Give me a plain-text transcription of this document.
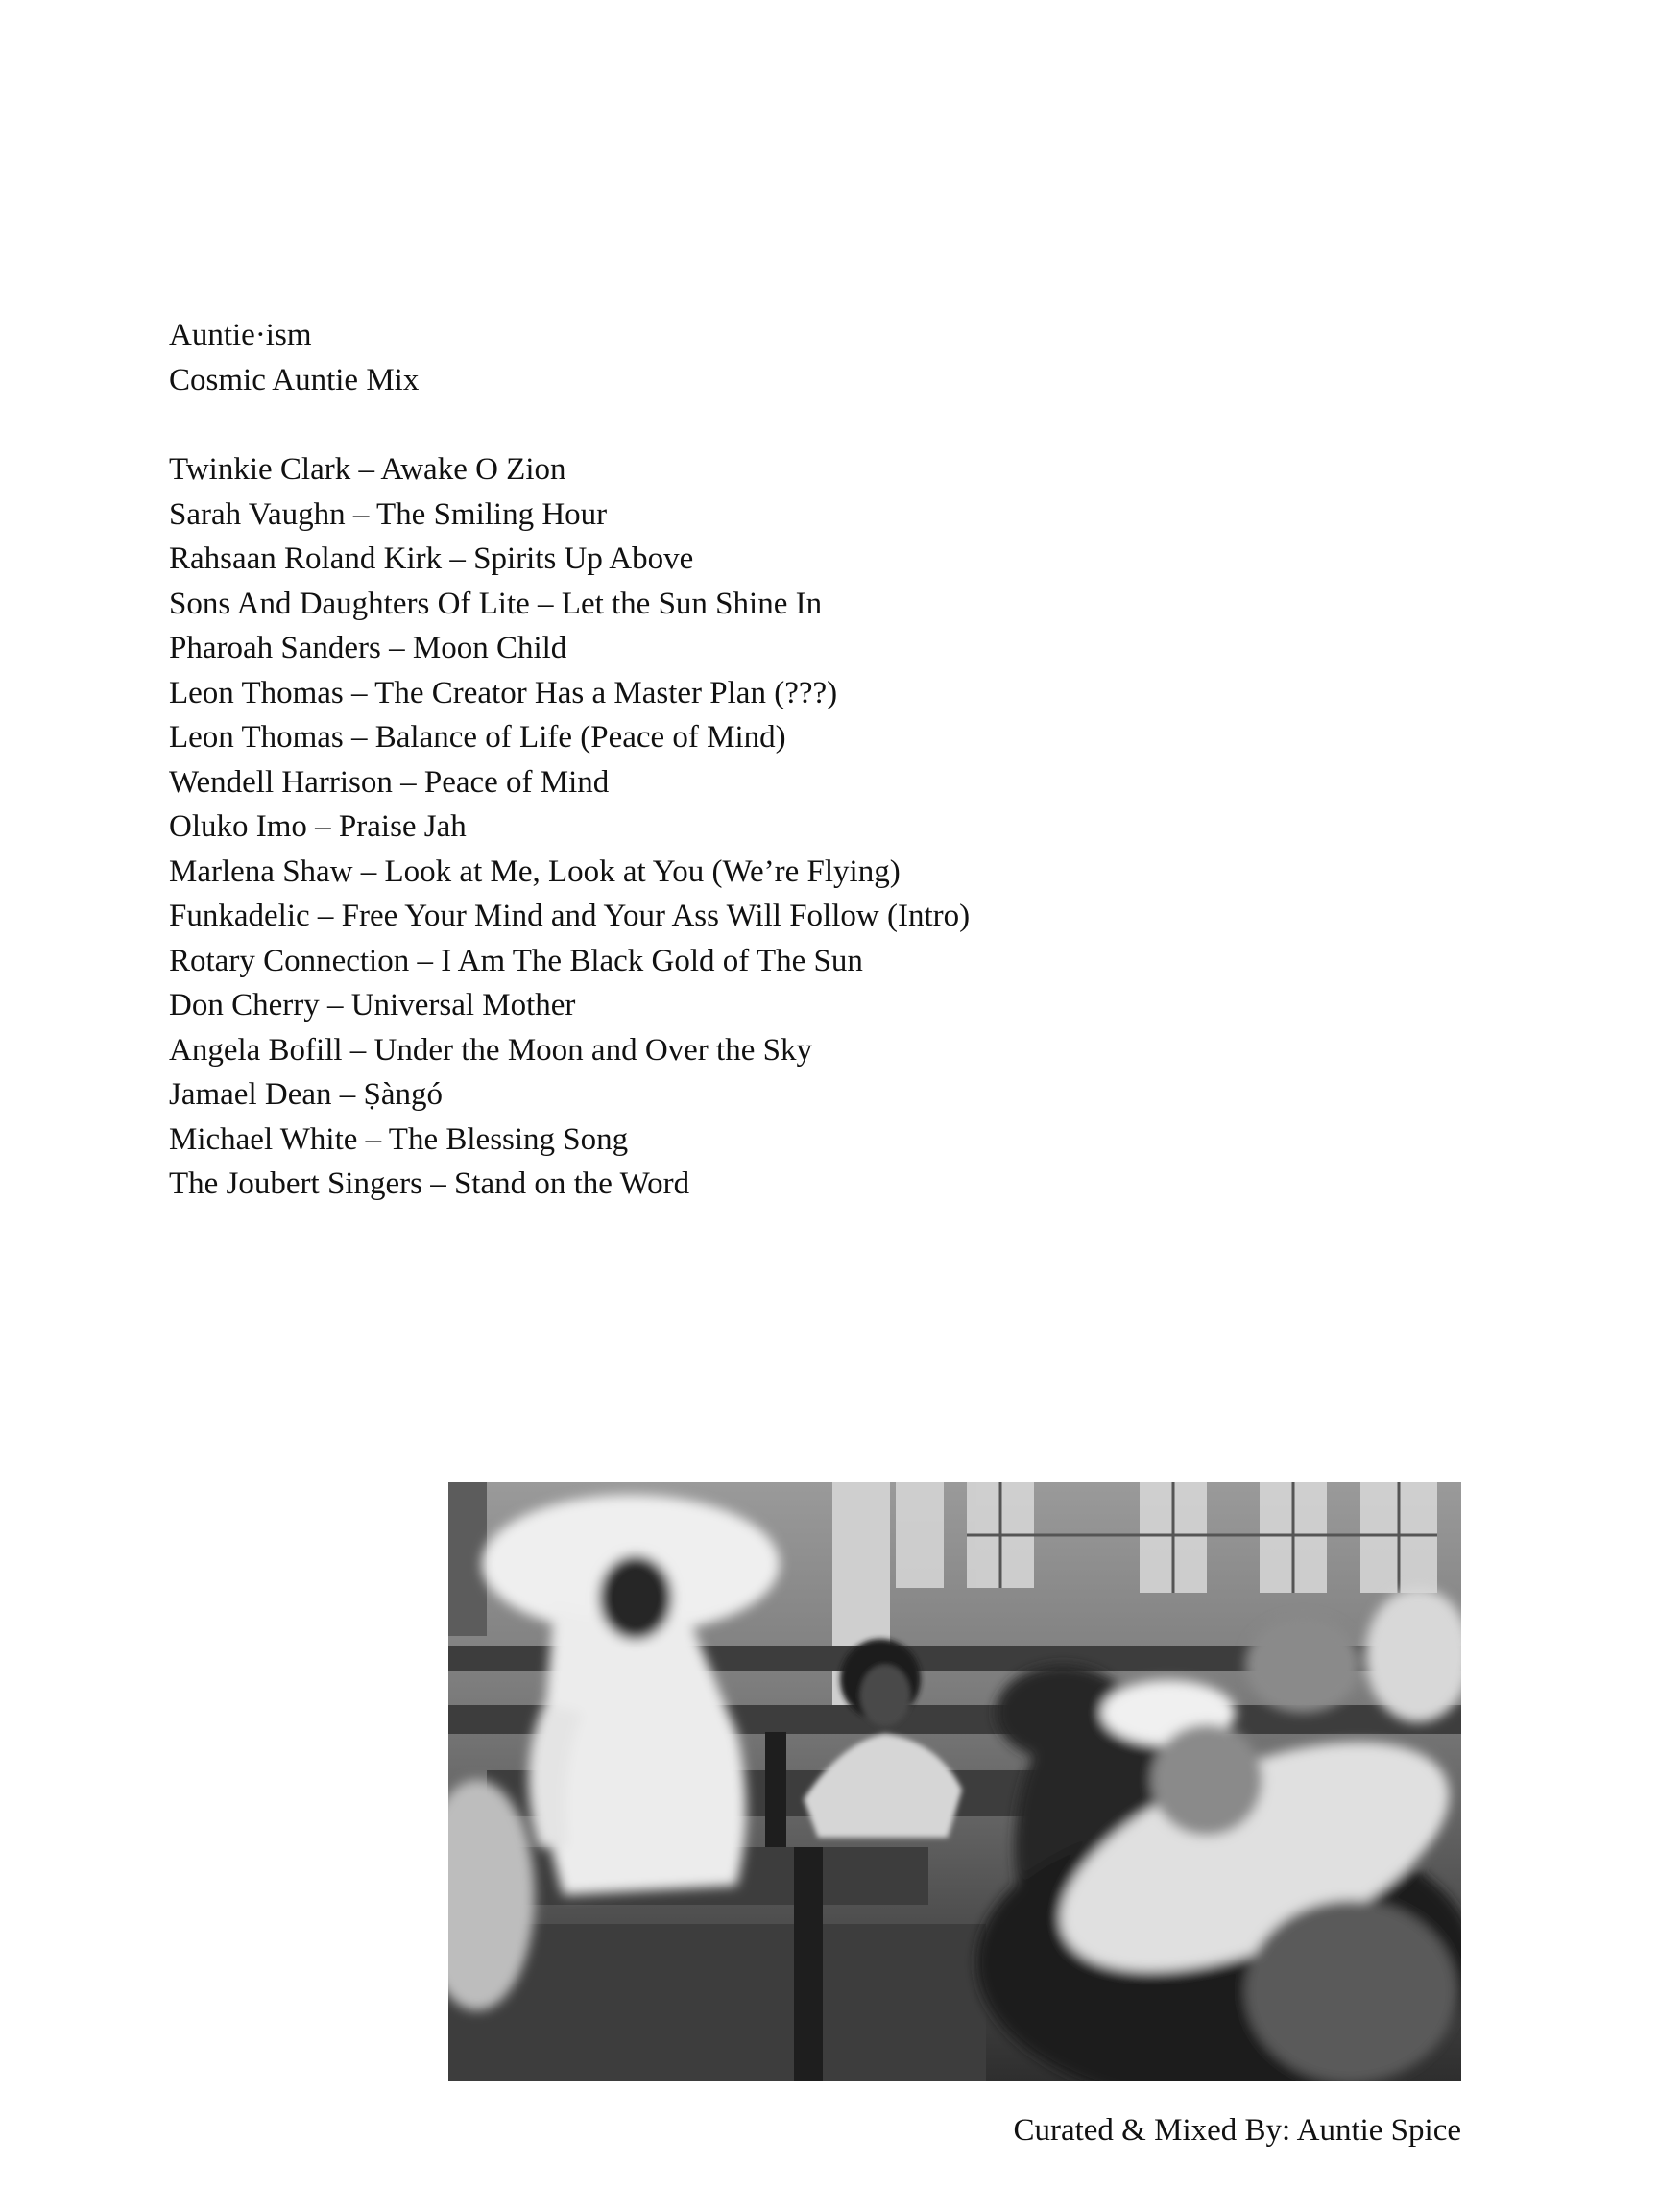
Auntie·ism
Cosmic Auntie Mix
Twinkie Clark – Awake O Zion
Sarah Vaughn – The Smiling Hour
Rahsaan Roland Kirk – Spirits Up Above
Sons And Daughters Of Lite – Let the Sun Shine In
Pharoah Sanders – Moon Child
Leon Thomas – The Creator Has a Master Plan (???)
Leon Thomas – Balance of Life (Peace of Mind)
Wendell Harrison – Peace of Mind
Oluko Imo – Praise Jah
Marlena Shaw – Look at Me, Look at You (We’re Flying)
Funkadelic – Free Your Mind and Your Ass Will Follow (Intro)
Rotary Connection – I Am The Black Gold of The Sun
Don Cherry – Universal Mother
Angela Bofill – Under the Moon and Over the Sky
Jamael Dean – Ṣàngó
Michael White – The Blessing Song
The Joubert Singers – Stand on the Word
Curated & Mixed By: Auntie Spice
